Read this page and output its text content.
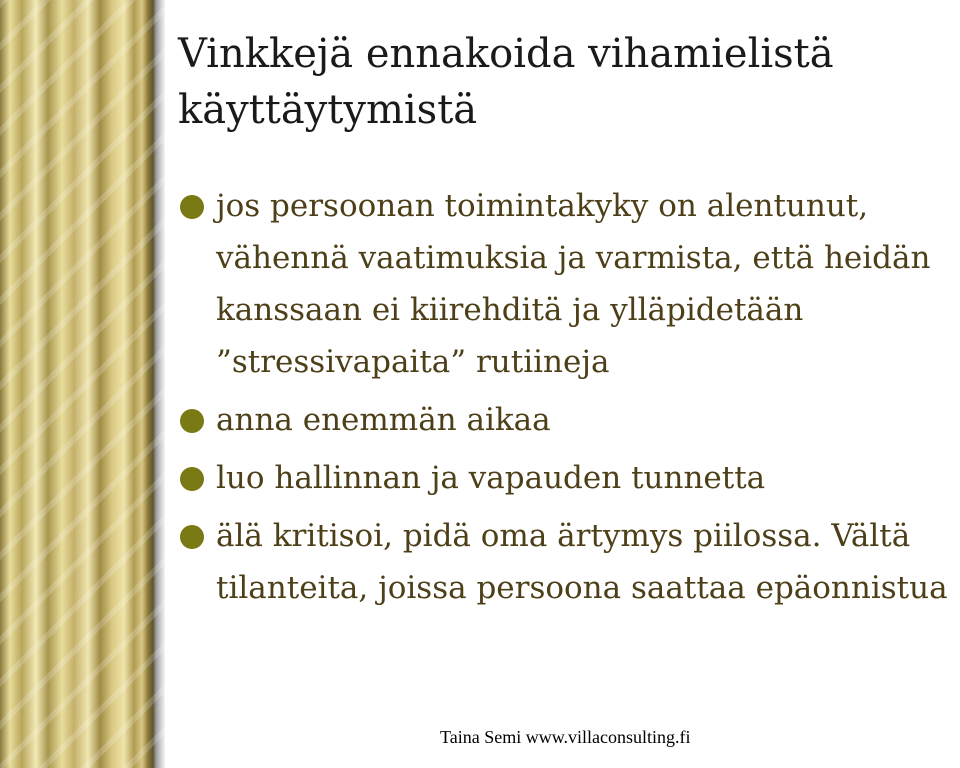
Vinkkejä ennakoida vihamielistä käyttäytymistä
jos persoonan toimintakyky on alentunut, vähennä vaatimuksia ja varmista, että heidän kanssaan ei kiirehditä ja ylläpidetään ”stressivapaita” rutiineja
anna enemmän aikaa
luo hallinnan ja vapauden tunnetta
älä kritisoi, pidä oma ärtymys piilossa. Vältä tilanteita, joissa persoona saattaa epäonnistua
Taina Semi www.villaconsulting.fi
